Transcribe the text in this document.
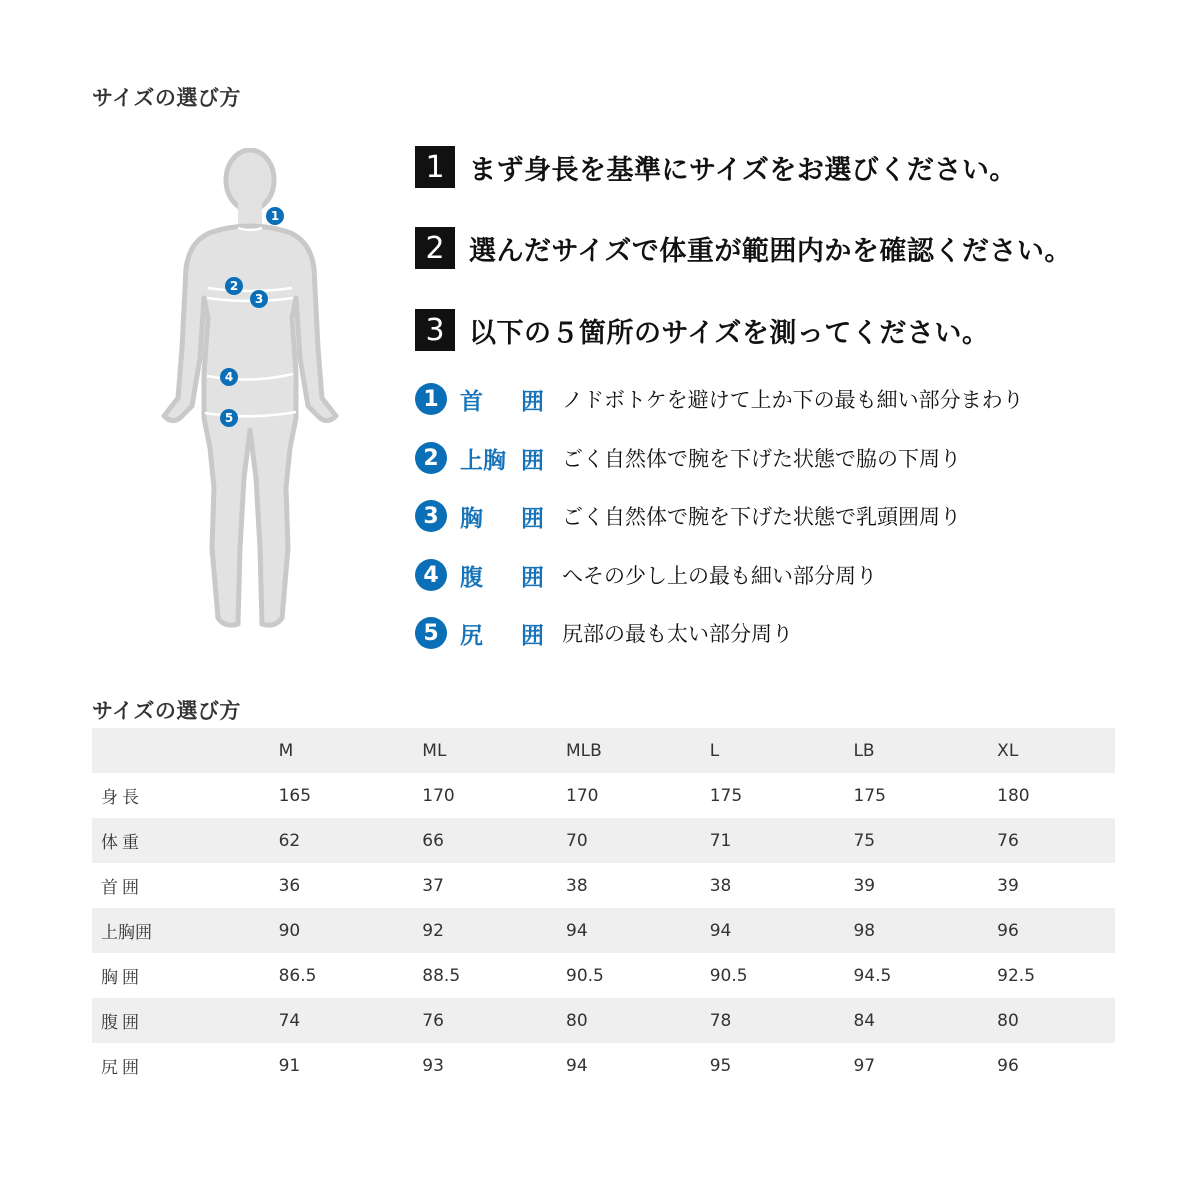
サイズの選び方
1
2
3
4
5
1 まず身長を基準にサイズをお選びください。
2 選んだサイズで体重が範囲内かを確認ください。
3 以下の５箇所のサイズを測ってください。
1 首 囲 ノドボトケを避けて上か下の最も細い部分まわり
2 上胸 囲 ごく自然体で腕を下げた状態で脇の下周り
3 胸 囲 ごく自然体で腕を下げた状態で乳頭囲周り
4 腹 囲 へその少し上の最も細い部分周り
5 尻 囲 尻部の最も太い部分周り
サイズの選び方
	M	ML	MLB	L	LB	XL
身長	165	170	170	175	175	180
体重	62	66	70	71	75	76
首囲	36	37	38	38	39	39
上胸囲	90	92	94	94	98	96
胸囲	86.5	88.5	90.5	90.5	94.5	92.5
腹囲	74	76	80	78	84	80
尻囲	91	93	94	95	97	96
